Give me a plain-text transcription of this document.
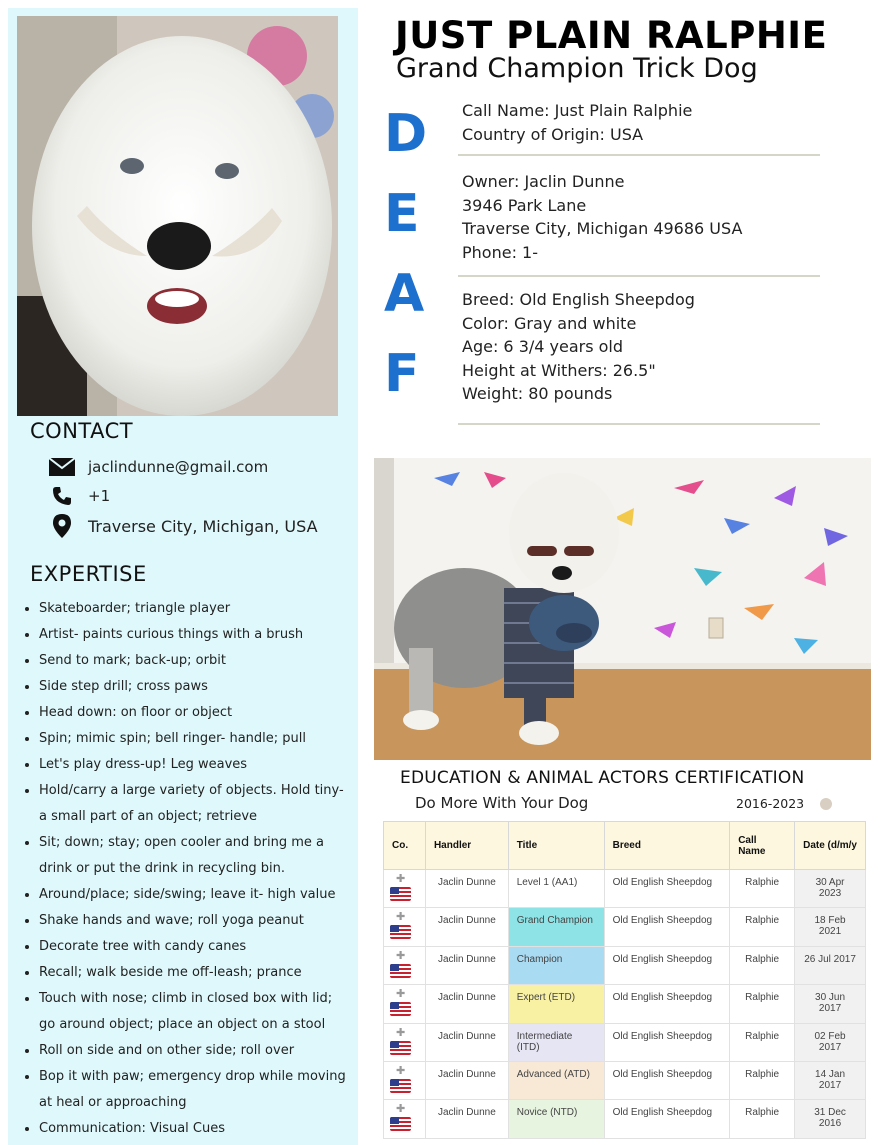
CONTACT
jaclindunne@gmail.com
+1
Traverse City, Michigan, USA
EXPERTISE
Skateboarder; triangle player
Artist- paints curious things with a brush
Send to mark; back-up; orbit
Side step drill; cross paws
Head down: on floor or object
Spin; mimic spin; bell ringer- handle; pull
Let's play dress-up! Leg weaves
Hold/carry a large variety of objects. Hold tiny- a small part of an object; retrieve
Sit; down; stay; open cooler and bring me a drink or put the drink in recycling bin.
Around/place; side/swing; leave it- high value
Shake hands and wave; roll yoga peanut
Decorate tree with candy canes
Recall; walk beside me off-leash; prance
Touch with nose; climb in closed box with lid; go around object; place an object on a stool
Roll on side and on other side; roll over
Bop it with paw; emergency drop while moving at heal or approaching
Communication: Visual Cues
JUST PLAIN RALPHIE
Grand Champion Trick Dog
D
E
A
F
Call Name: Just Plain Ralphie
Country of Origin: USA
Owner: Jaclin Dunne
3946 Park Lane
Traverse City, Michigan 49686 USA
Phone: 1-
Breed: Old English Sheepdog
Color: Gray and white
Age: 6 3/4 years old
Height at Withers: 26.5"
Weight: 80 pounds
EDUCATION & ANIMAL ACTORS CERTIFICATION
Do More With Your Dog	2016-2023
Co.	Handler	Title	Breed	Call Name	Date (d/m/y

✚	Jaclin Dunne	Level 1 (AA1)	Old English Sheepdog	Ralphie	30 Apr 2023

✚	Jaclin Dunne	Grand Champion	Old English Sheepdog	Ralphie	18 Feb 2021

✚	Jaclin Dunne	Champion	Old English Sheepdog	Ralphie	26 Jul 2017

✚	Jaclin Dunne	Expert (ETD)	Old English Sheepdog	Ralphie	30 Jun 2017

✚	Jaclin Dunne	Intermediate (ITD)	Old English Sheepdog	Ralphie	02 Feb 2017

✚	Jaclin Dunne	Advanced (ATD)	Old English Sheepdog	Ralphie	14 Jan 2017

✚	Jaclin Dunne	Novice (NTD)	Old English Sheepdog	Ralphie	31 Dec 2016
